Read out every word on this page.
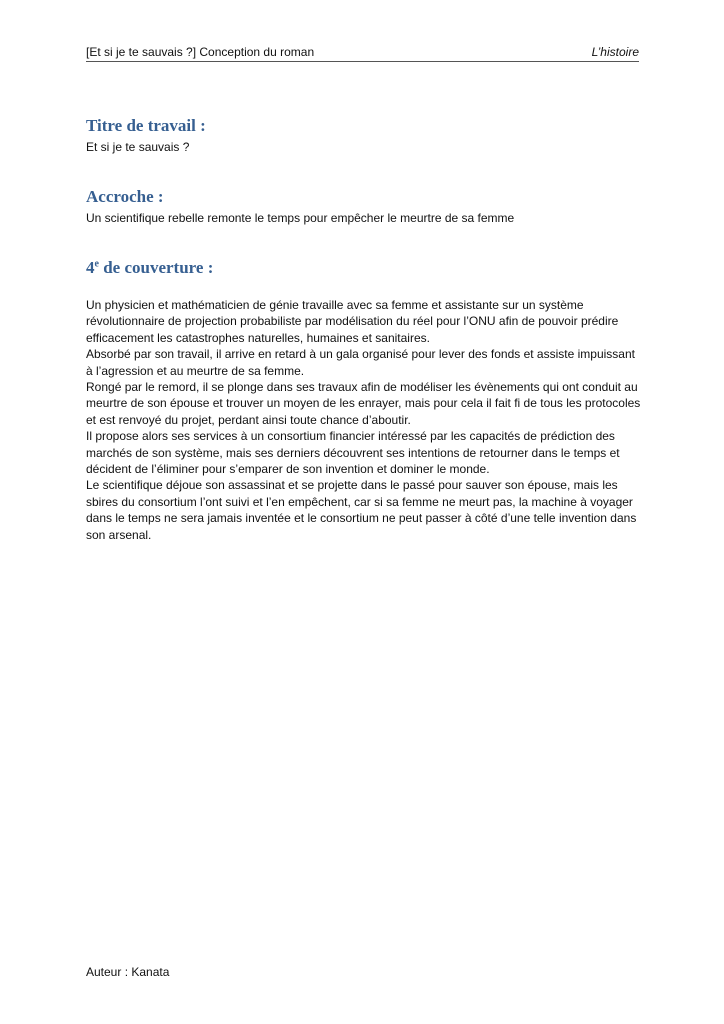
[Et si je te sauvais ?] Conception du roman	L’histoire
Titre de travail :

Et si je te sauvais ?

Accroche :

Un scientifique rebelle remonte le temps pour empêcher le meurtre de sa femme

4e de couverture :

Un physicien et mathématicien de génie travaille avec sa femme et assistante sur un système révolutionnaire de projection probabiliste par modélisation du réel pour l’ONU afin de pouvoir prédire efficacement les catastrophes naturelles, humaines et sanitaires.

Absorbé par son travail, il arrive en retard à un gala organisé pour lever des fonds et assiste impuissant à l’agression et au meurtre de sa femme.

Rongé par le remord, il se plonge dans ses travaux afin de modéliser les évènements qui ont conduit au meurtre de son épouse et trouver un moyen de les enrayer, mais pour cela il fait fi de tous les protocoles et est renvoyé du projet, perdant ainsi toute chance d’aboutir.

Il propose alors ses services à un consortium financier intéressé par les capacités de prédiction des marchés de son système, mais ses derniers découvrent ses intentions de retourner dans le temps et décident de l’éliminer pour s’emparer de son invention et dominer le monde.

Le scientifique déjoue son assassinat et se projette dans le passé pour sauver son épouse, mais les sbires du consortium l’ont suivi et l’en empêchent, car si sa femme ne meurt pas, la machine à voyager dans le temps ne sera jamais inventée et le consortium ne peut passer à côté d’une telle invention dans son arsenal.

Auteur : Kanata
